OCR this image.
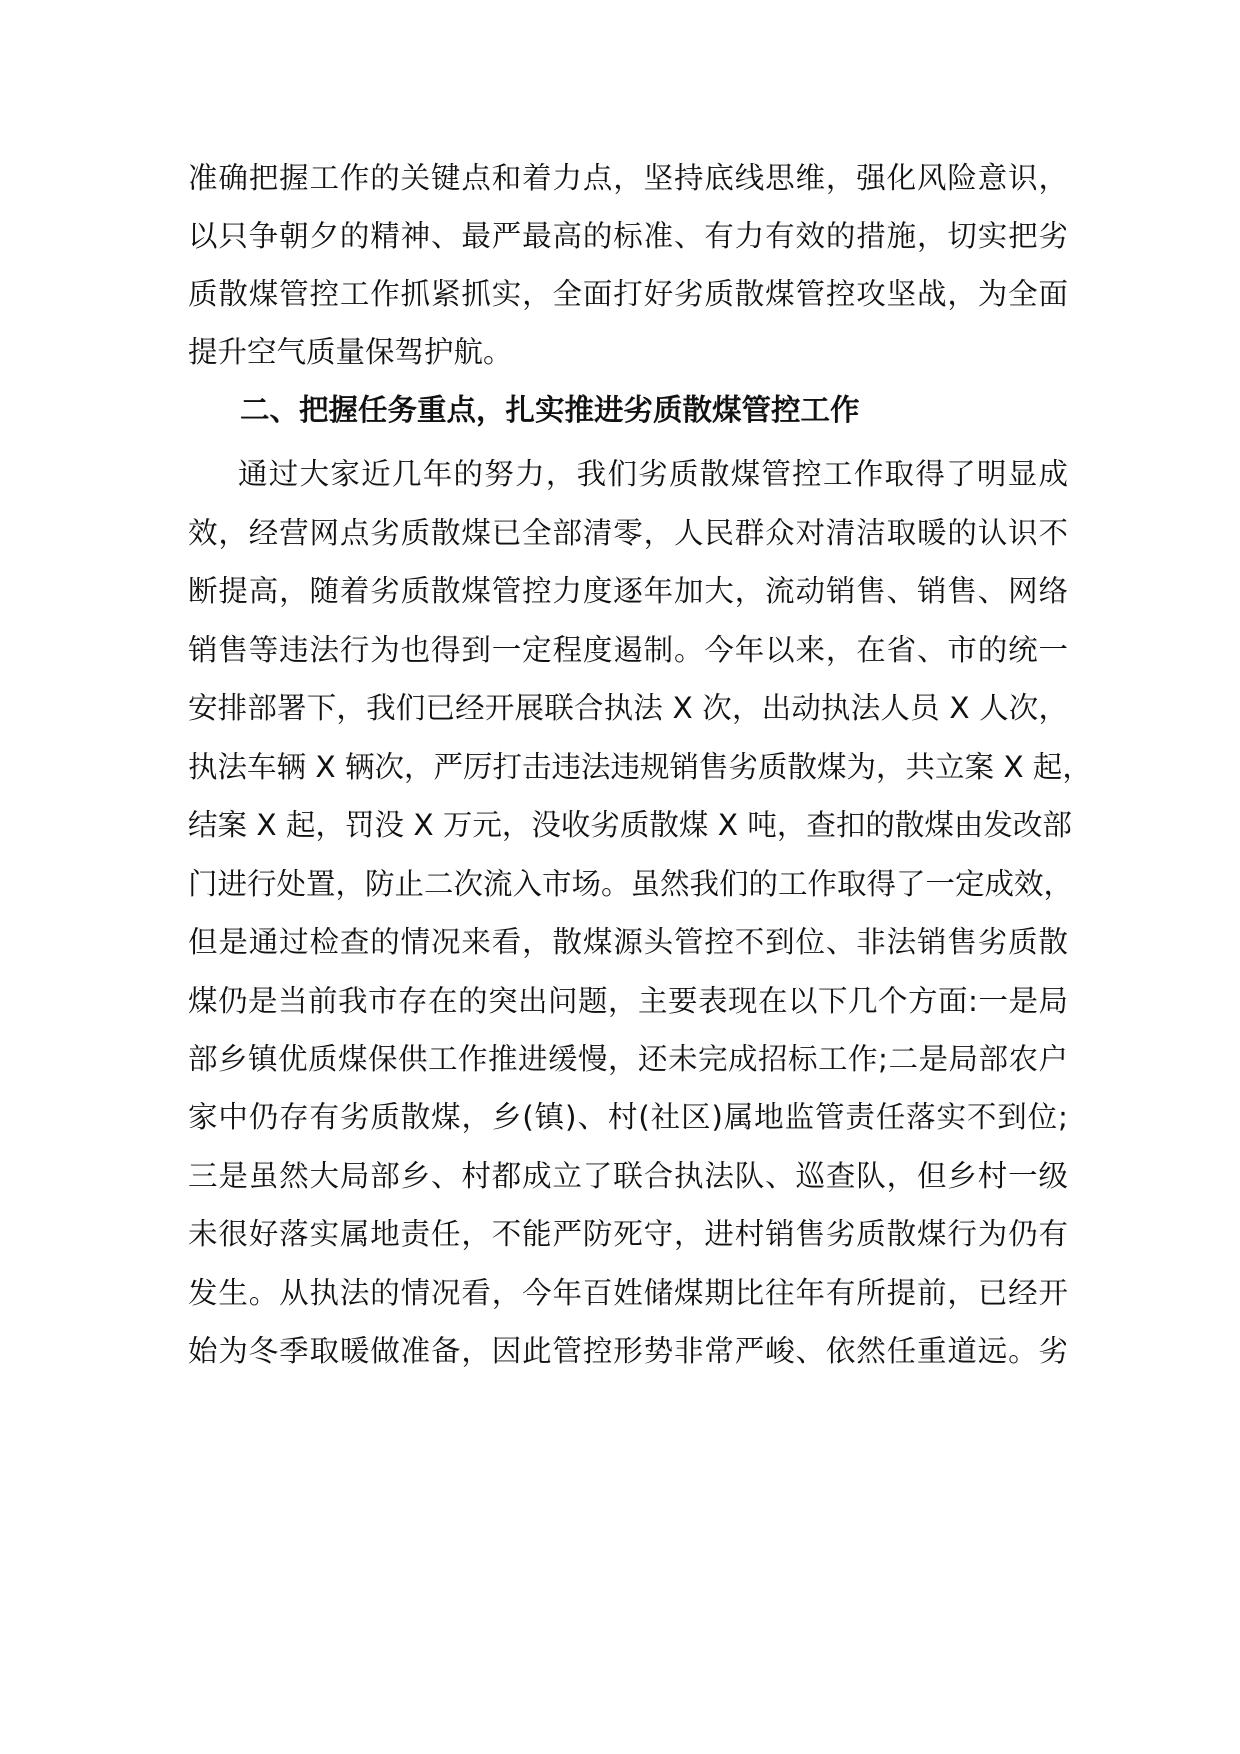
准确把握工作的关键点和着力点，坚持底线思维，强化风险意识，
以只争朝夕的精神、最严最高的标准、有力有效的措施，切实把劣
质散煤管控工作抓紧抓实，全面打好劣质散煤管控攻坚战，为全面
提升空气质量保驾护航。
二、把握任务重点，扎实推进劣质散煤管控工作
通过大家近几年的努力，我们劣质散煤管控工作取得了明显成
效，经营网点劣质散煤已全部清零，人民群众对清洁取暖的认识不
断提高，随着劣质散煤管控力度逐年加大，流动销售、销售、网络
销售等违法行为也得到一定程度遏制。今年以来，在省、市的统一
安排部署下，我们已经开展联合执法 X 次，出动执法人员 X 人次，
执法车辆 X 辆次，严厉打击违法违规销售劣质散煤为，共立案 X 起，
结案 X 起，罚没 X 万元，没收劣质散煤 X 吨，查扣的散煤由发改部
门进行处置，防止二次流入市场。虽然我们的工作取得了一定成效，
但是通过检查的情况来看，散煤源头管控不到位、非法销售劣质散
煤仍是当前我市存在的突出问题，主要表现在以下几个方面:一是局
部乡镇优质煤保供工作推进缓慢，还未完成招标工作;二是局部农户
家中仍存有劣质散煤，乡(镇)、村(社区)属地监管责任落实不到位;
三是虽然大局部乡、村都成立了联合执法队、巡查队，但乡村一级
未很好落实属地责任，不能严防死守，进村销售劣质散煤行为仍有
发生。从执法的情况看，今年百姓储煤期比往年有所提前，已经开
始为冬季取暖做准备，因此管控形势非常严峻、依然任重道远。劣
